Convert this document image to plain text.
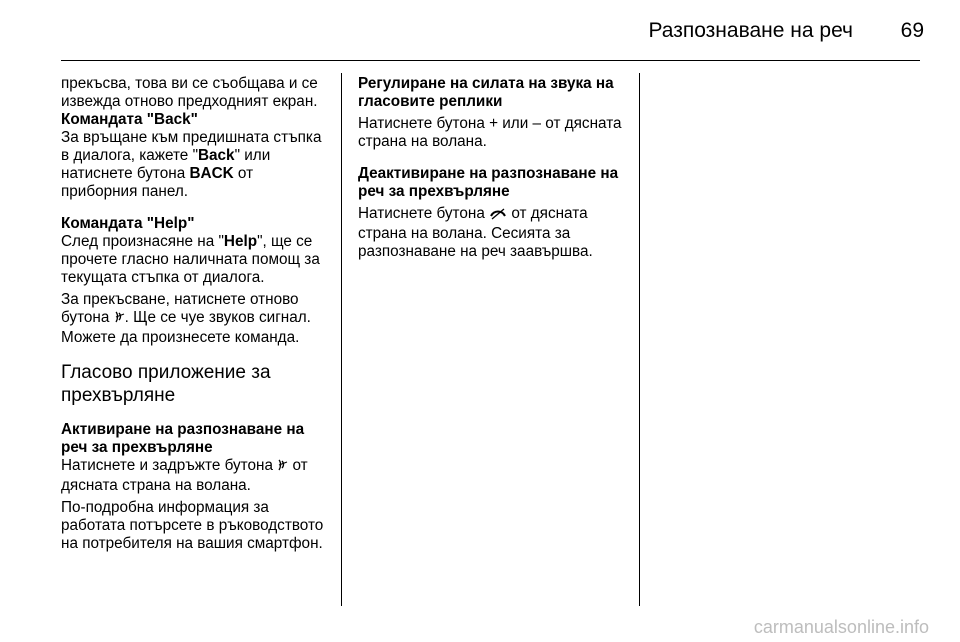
Разпознаване на реч	69

прекъсва, това ви се съобщава и се извежда отново предходният екран.

Командата "Back"

За връщане към предишната стъпка в диалога, кажете "Back" или натиснете бутона BACK от приборния панел.

Командата "Help"

След произнасяне на "Help", ще се прочете гласно наличната помощ за текущата стъпка от диалога.

За прекъсване, натиснете отново бутона . Ще се чуе звуков сигнал. Можете да произнесете команда.

Гласово приложение за прехвърляне

Активиране на разпознаване на реч за прехвърляне

Натиснете и задръжте бутона  от дясната страна на волана.

По-подробна информация за работата потърсете в ръководството на потребителя на вашия смартфон.

Регулиране на силата на звука на гласовите реплики

Натиснете бутона + или – от дясната страна на волана.

Деактивиране на разпознаване на реч за прехвърляне

Натиснете бутона  от дясната страна на волана. Сесията за разпознаване на реч заавършва.

carmanualsonline.info
